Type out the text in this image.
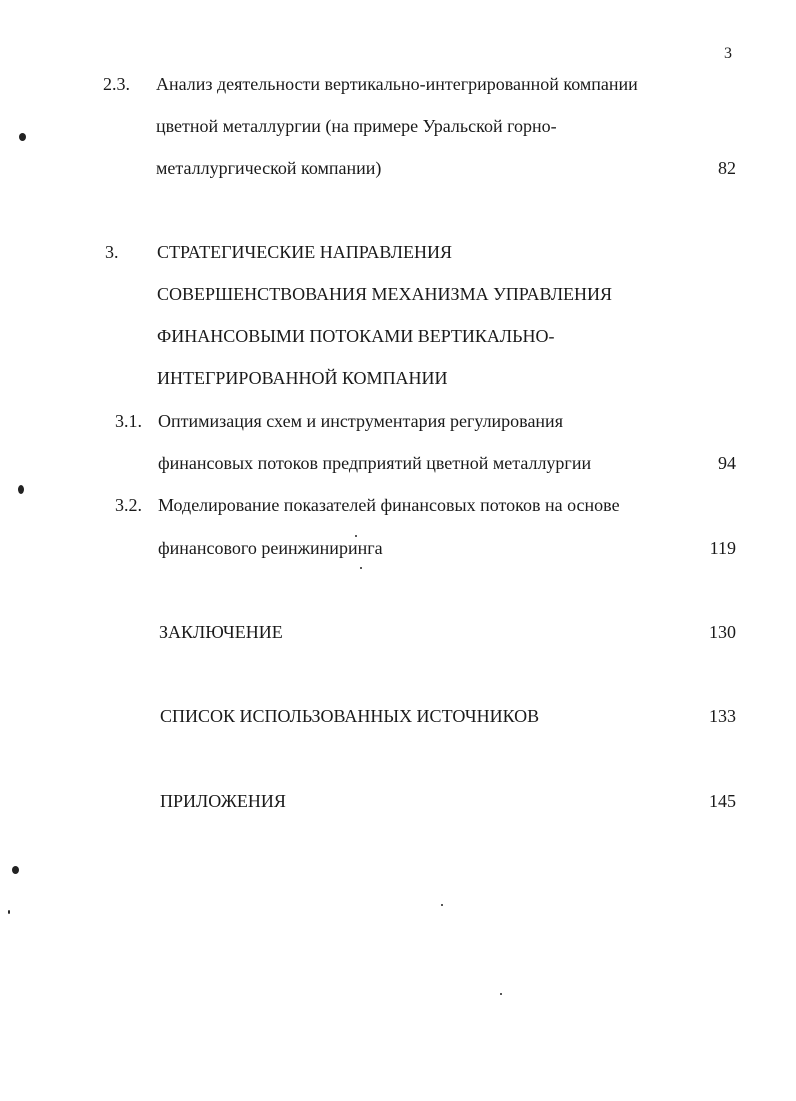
3
2.3. Анализ деятельности вертикально-интегрированной компании
цветной металлургии (на примере Уральской горно-
металлургической компании)	82
3. СТРАТЕГИЧЕСКИЕ НАПРАВЛЕНИЯ
СОВЕРШЕНСТВОВАНИЯ МЕХАНИЗМА УПРАВЛЕНИЯ
ФИНАНСОВЫМИ ПОТОКАМИ ВЕРТИКАЛЬНО-
ИНТЕГРИРОВАННОЙ КОМПАНИИ
3.1. Оптимизация схем и инструментария регулирования
финансовых потоков предприятий цветной металлургии	94
3.2. Моделирование показателей финансовых потоков на основе
финансового реинжиниринга	119
ЗАКЛЮЧЕНИЕ	130
СПИСОК ИСПОЛЬЗОВАННЫХ ИСТОЧНИКОВ	133
ПРИЛОЖЕНИЯ	145
